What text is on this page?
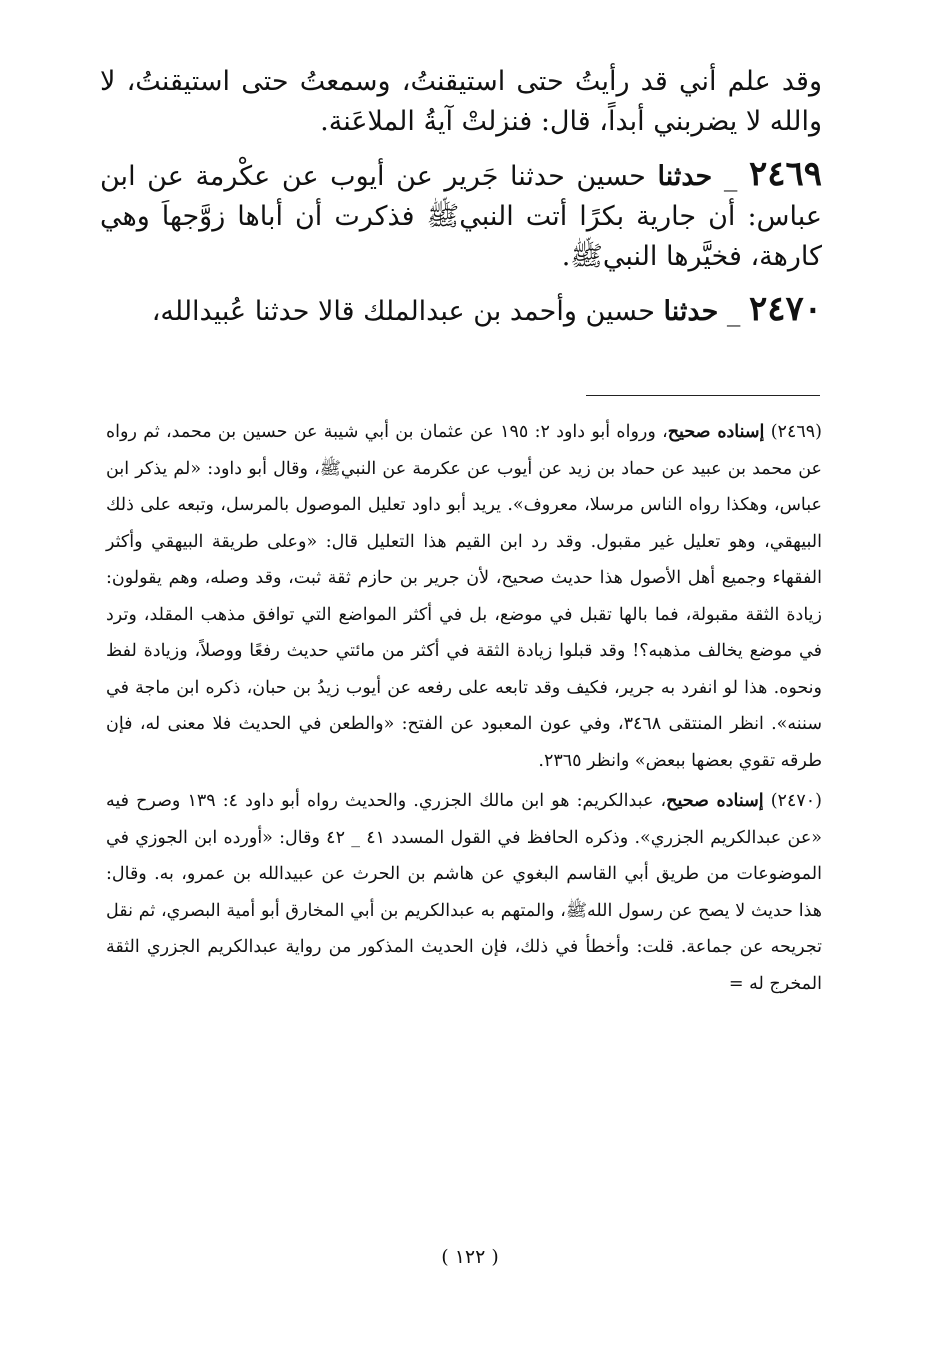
وقد علم أني قد رأيتُ حتى استيقنتُ، وسمعتُ حتى استيقنتُ، لا والله لا يضربني أبداً، قال: فنزلتْ آيةُ الملاعَنة.

٢٤٦٩ _ حدثنا حسين حدثنا جَرير عن أيوب عن عكْرمة عن ابن عباس: أن جارية بكرًا أتت النبيﷺ فذكرت أن أباها زوَّجهاَ وهي كارهة، فخيَّرها النبيﷺ.

٢٤٧٠ _ حدثنا حسين وأحمد بن عبدالملك قالا حدثنا عُبيدالله،

(٢٤٦٩) إسناده صحيح، ورواه أبو داود ٢: ١٩٥ عن عثمان بن أبي شيبة عن حسين بن محمد، ثم رواه عن محمد بن عبيد عن حماد بن زيد عن أيوب عن عكرمة عن النبيﷺ، وقال أبو داود: «لم يذكر ابن عباس، وهكذا رواه الناس مرسلا، معروف». يريد أبو داود تعليل الموصول بالمرسل، وتبعه على ذلك البيهقي، وهو تعليل غير مقبول. وقد رد ابن القيم هذا التعليل قال: «وعلى طريقة البيهقي وأكثر الفقهاء وجميع أهل الأصول هذا حديث صحيح، لأن جرير بن حازم ثقة ثبت، وقد وصله، وهم يقولون: زيادة الثقة مقبولة، فما بالها تقبل في موضع، بل في أكثر المواضع التي توافق مذهب المقلد، وترد في موضع يخالف مذهبه؟! وقد قبلوا زيادة الثقة في أكثر من مائتي حديث رفعًا ووصلاً، وزيادة لفظ ونحوه. هذا لو انفرد به جرير، فكيف وقد تابعه على رفعه عن أيوب زيدُ بن حبان، ذكره ابن ماجة في سننه». انظر المنتقى ٣٤٦٨، وفي عون المعبود عن الفتح: «والطعن في الحديث فلا معنى له، فإن طرقه تقوي بعضها ببعض» وانظر ٢٣٦٥.

(٢٤٧٠) إسناده صحيح، عبدالكريم: هو ابن مالك الجزري. والحديث رواه أبو داود ٤: ١٣٩ وصرح فيه «عن عبدالكريم الجزري». وذكره الحافظ في القول المسدد ٤١ _ ٤٢ وقال: «أورده ابن الجوزي في الموضوعات من طريق أبي القاسم البغوي عن هاشم بن الحرث عن عبيدالله بن عمرو، به. وقال: هذا حديث لا يصح عن رسول اللهﷺ، والمتهم به عبدالكريم بن أبي المخارق أبو أمية البصري، ثم نقل تجريحه عن جماعة. قلت: وأخطأ في ذلك، فإن الحديث المذكور من رواية عبدالكريم الجزري الثقة المخرج له =

( ١٢٢ )
